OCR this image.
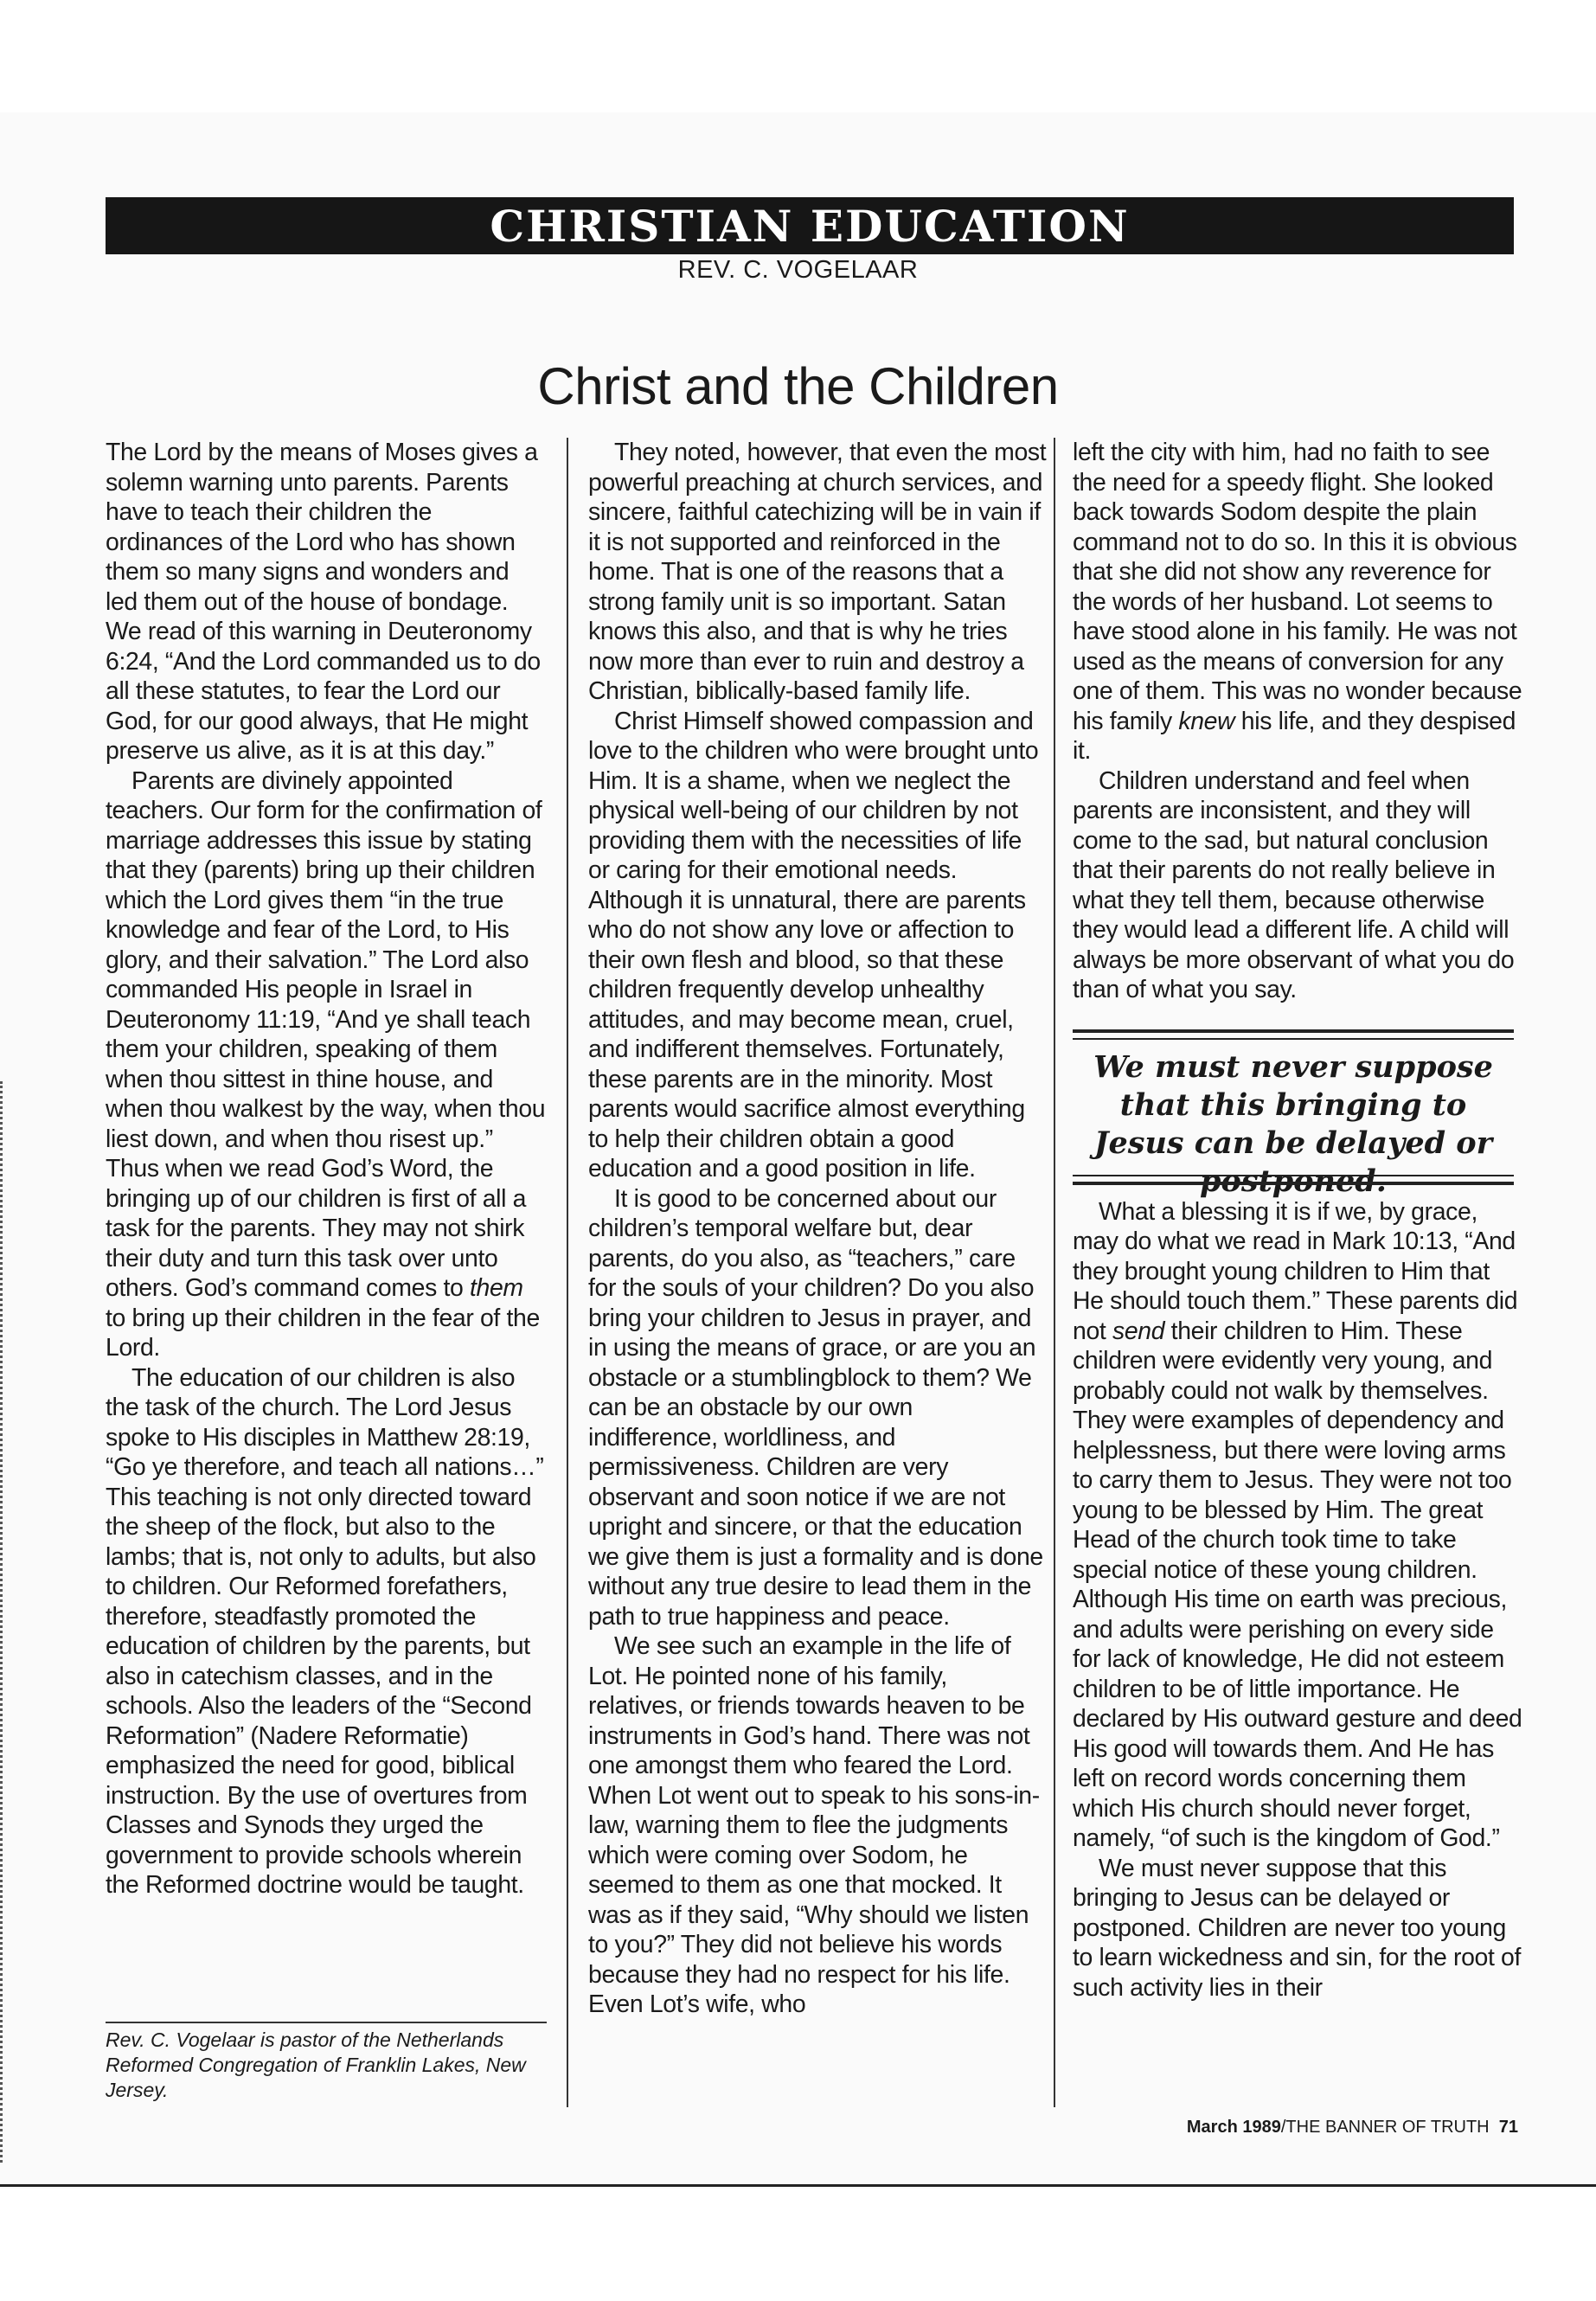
CHRISTIAN EDUCATION
REV. C. VOGELAAR
Christ and the Children

The Lord by the means of Moses gives a solemn warning unto parents. Parents have to teach their children the ordinances of the Lord who has shown them so many signs and wonders and led them out of the house of bondage. We read of this warning in Deuteronomy 6:24, “And the Lord commanded us to do all these statutes, to fear the Lord our God, for our good always, that He might preserve us alive, as it is at this day.”

Parents are divinely appointed teachers. Our form for the confirmation of marriage addresses this issue by stating that they (parents) bring up their children which the Lord gives them “in the true knowledge and fear of the Lord, to His glory, and their salvation.” The Lord also commanded His people in Israel in Deuteronomy 11:19, “And ye shall teach them your children, speaking of them when thou sittest in thine house, and when thou walkest by the way, when thou liest down, and when thou risest up.” Thus when we read God’s Word, the bringing up of our children is first of all a task for the parents. They may not shirk their duty and turn this task over unto others. God’s command comes to them to bring up their children in the fear of the Lord.

The education of our children is also the task of the church. The Lord Jesus spoke to His disciples in Matthew 28:19, “Go ye therefore, and teach all nations…” This teaching is not only directed toward the sheep of the flock, but also to the lambs; that is, not only to adults, but also to children. Our Reformed forefathers, therefore, steadfastly promoted the education of children by the parents, but also in catechism classes, and in the schools. Also the leaders of the “Second Reformation” (Nadere Reformatie) emphasized the need for good, biblical instruction. By the use of overtures from Classes and Synods they urged the government to provide schools wherein the Reformed doctrine would be taught.

Rev. C. Vogelaar is pastor of the Netherlands Reformed Congregation of Franklin Lakes, New Jersey.

They noted, however, that even the most powerful preaching at church services, and sincere, faithful catechizing will be in vain if it is not supported and reinforced in the home. That is one of the reasons that a strong family unit is so important. Satan knows this also, and that is why he tries now more than ever to ruin and destroy a Christian, biblically-based family life.

Christ Himself showed compassion and love to the children who were brought unto Him. It is a shame, when we neglect the physical well-being of our children by not providing them with the necessities of life or caring for their emotional needs. Although it is unnatural, there are parents who do not show any love or affection to their own flesh and blood, so that these children frequently develop unhealthy attitudes, and may become mean, cruel, and indifferent themselves. Fortunately, these parents are in the minority. Most parents would sacrifice almost everything to help their children obtain a good education and a good position in life.

It is good to be concerned about our children’s temporal welfare but, dear parents, do you also, as “teachers,” care for the souls of your children? Do you also bring your children to Jesus in prayer, and in using the means of grace, or are you an obstacle or a stumblingblock to them? We can be an obstacle by our own indifference, worldliness, and permissiveness. Children are very observant and soon notice if we are not upright and sincere, or that the education we give them is just a formality and is done without any true desire to lead them in the path to true happiness and peace.

We see such an example in the life of Lot. He pointed none of his family, relatives, or friends towards heaven to be instruments in God’s hand. There was not one amongst them who feared the Lord. When Lot went out to speak to his sons-in-law, warning them to flee the judgments which were coming over Sodom, he seemed to them as one that mocked. It was as if they said, “Why should we listen to you?” They did not believe his words because they had no respect for his life. Even Lot’s wife, who

left the city with him, had no faith to see the need for a speedy flight. She looked back towards Sodom despite the plain command not to do so. In this it is obvious that she did not show any reverence for the words of her husband. Lot seems to have stood alone in his family. He was not used as the means of conversion for any one of them. This was no wonder because his family knew his life, and they despised it.

Children understand and feel when parents are inconsistent, and they will come to the sad, but natural conclusion that their parents do not really believe in what they tell them, because otherwise they would lead a different life. A child will always be more observant of what you do than of what you say.

What a blessing it is if we, by grace, may do what we read in Mark 10:13, “And they brought young children to Him that He should touch them.” These parents did not send their children to Him. These children were evidently very young, and probably could not walk by themselves. They were examples of dependency and helplessness, but there were loving arms to carry them to Jesus. They were not too young to be blessed by Him. The great Head of the church took time to take special notice of these young children. Although His time on earth was precious, and adults were perishing on every side for lack of knowledge, He did not esteem children to be of little importance. He declared by His outward gesture and deed His good will towards them. And He has left on record words concerning them which His church should never forget, namely, “of such is the kingdom of God.”

We must never suppose that this bringing to Jesus can be delayed or postponed. Children are never too young to learn wickedness and sin, for the root of such activity lies in their

We must never suppose that this bringing to Jesus can be delayed or postponed.
March 1989/THE BANNER OF TRUTH 71
